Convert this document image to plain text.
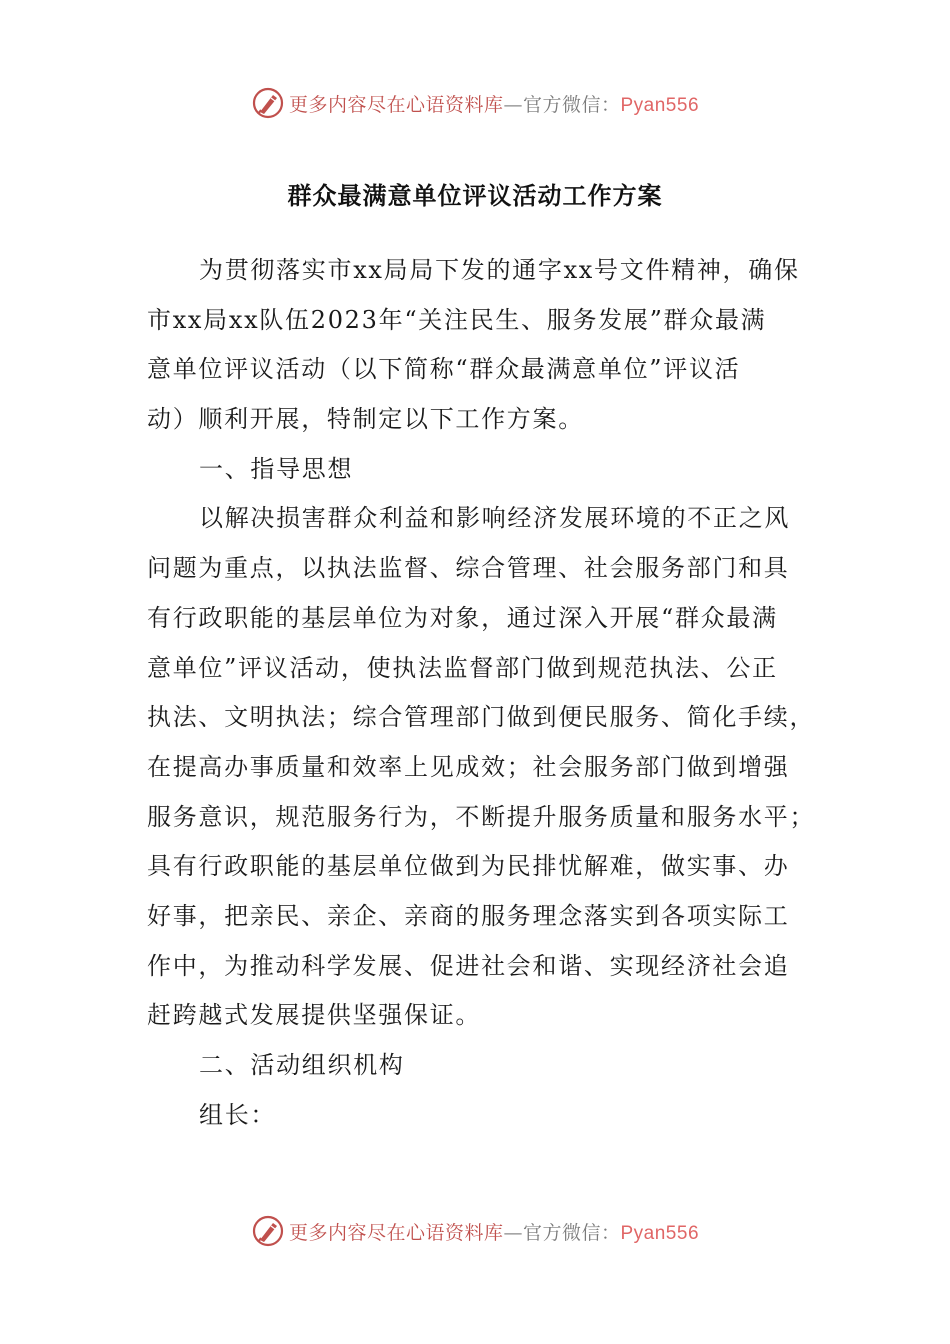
更多内容尽在心语资料库—官方微信：Pyan556
群众最满意单位评议活动工作方案
为贯彻落实市xx局局下发的通字xx号文件精神，确保
市xx局xx队伍2023年“关注民生、服务发展”群众最满
意单位评议活动（以下简称“群众最满意单位”评议活
动）顺利开展，特制定以下工作方案。
一、指导思想
以解决损害群众利益和影响经济发展环境的不正之风
问题为重点，以执法监督、综合管理、社会服务部门和具
有行政职能的基层单位为对象，通过深入开展“群众最满
意单位”评议活动，使执法监督部门做到规范执法、公正
执法、文明执法；综合管理部门做到便民服务、简化手续，
在提高办事质量和效率上见成效；社会服务部门做到增强
服务意识，规范服务行为，不断提升服务质量和服务水平；
具有行政职能的基层单位做到为民排忧解难，做实事、办
好事，把亲民、亲企、亲商的服务理念落实到各项实际工
作中，为推动科学发展、促进社会和谐、实现经济社会追
赶跨越式发展提供坚强保证。
二、活动组织机构
组长：
更多内容尽在心语资料库—官方微信：Pyan556
